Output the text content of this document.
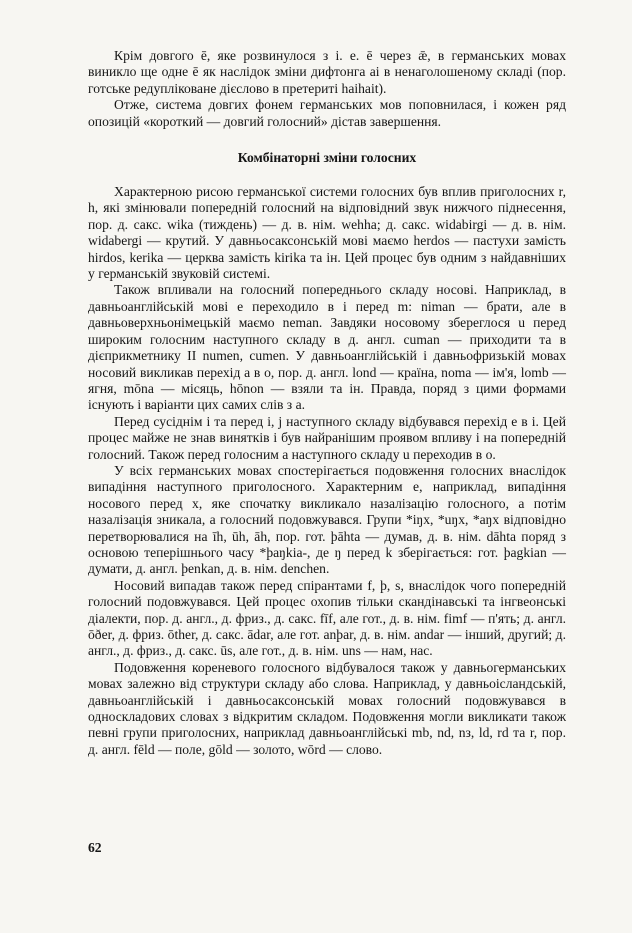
Крім довгого ē, яке розвинулося з i. e. ē через ǣ, в германських мовах виникло ще одне ē як наслідок зміни дифтонга ai в ненаголошеному складі (пор. готське редупліковане дієслово в претериті haihait).

Отже, система довгих фонем германських мов поповнилася, і кожен ряд опозицій «короткий — довгий голосний» дістав завершення.

Комбінаторні зміни голосних

Характерною рисою германської системи голосних був вплив приголосних r, h, які змінювали попередній голосний на відповідний звук нижчого піднесення, пор. д. сакс. wika (тиждень) — д. в. нім. wehha; д. сакс. widabirgi — д. в. нім. widabergi — крутий. У давньосаксонській мові маємо herdos — пастухи замість hirdos, kerika — церква замість kirika та ін. Цей процес був одним з найдавніших у германській звуковій системі.

Також впливали на голосний попереднього складу носові. Наприклад, в давньоанглійській мові е переходило в i перед m: niman — брати, але в давньоверхньонімецькій маємо neman. Завдяки носовому зберeглося u перед широким голосним наступного складу в д. англ. cuman — приходити та в дієприкметнику II numen, cumen. У давньоанглійській і давньофризькій мовах носовий викликав перехід a в o, пор. д. англ. lond — країна, noma — ім'я, lomb — ягня, mōna — місяць, hōnon — взяли та ін. Правда, поряд з цими формами існують і варіанти цих самих слів з a.

Перед сусіднім i та перед i, j наступного складу відбувався перехід e в i. Цей процес майже не знав винятків і був найранішим проявом впливу i на попередній голосний. Також перед голосним a наступного складу u переходив в o.

У всіх германських мовах спостерігається подовження голосних внаслідок випадіння наступного приголосного. Характерним е, наприклад, випадіння носового перед x, яке спочатку викликало назалізацію голосного, а потім назалізація зникала, а голосний подовжувався. Групи *iŋx, *uŋx, *aŋx відповідно перетворювалися на īh, ūh, āh, пор. гот. þāhta — думав, д. в. нім. dāhta поряд з основою теперішнього часу *þaŋkia-, де ŋ перед k зберігається: гот. þagkian — думати, д. англ. þenkan, д. в. нім. denchen.

Носовий випадав також перед спірантами f, þ, s, внаслідок чого попередній голосний подовжувався. Цей процес охопив тільки скандінавські та інгвеонські діалекти, пор. д. англ., д. фриз., д. сакс. fīf, але гот., д. в. нім. fimf — п'ять; д. англ. ōðer, д. фриз. ōther, д. сакс. ādar, але гот. anþar, д. в. нім. andar — інший, другий; д. англ., д. фриз., д. сакс. ūs, але гот., д. в. нім. uns — нам, нас.

Подовження кореневого голосного відбувалося також у давньогерманських мовах залежно від структури складу або слова. Наприклад, у давньоісландській, давньоанглійській і давньосаксонській мовах голосний подовжувався в односкладових словах з відкритим складом. Подовження могли викликати також певні групи приголосних, наприклад давньоанглійські mb, nd, nз, ld, rd та r, пор. д. англ. fēld — поле, gōld — золото, wōrd — слово.

62
